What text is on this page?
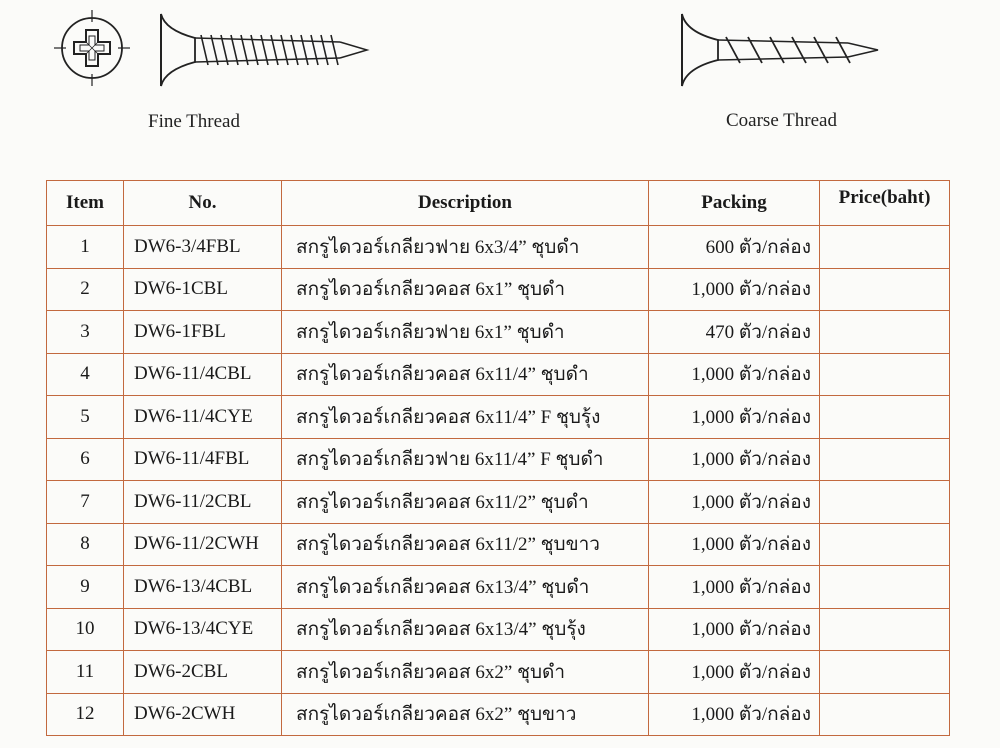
Fine Thread	Coarse Thread
Item	No.	Description	Packing	Price(baht)
1	DW6-3/4FBL	สกรูไดวอร์เกลียวฟาย 6x3/4” ชุบดำ	600 ตัว/กล่อง	
2	DW6-1CBL	สกรูไดวอร์เกลียวคอส 6x1” ชุบดำ	1,000 ตัว/กล่อง	
3	DW6-1FBL	สกรูไดวอร์เกลียวฟาย 6x1” ชุบดำ	470 ตัว/กล่อง	
4	DW6-11/4CBL	สกรูไดวอร์เกลียวคอส 6x11/4” ชุบดำ	1,000 ตัว/กล่อง	
5	DW6-11/4CYE	สกรูไดวอร์เกลียวคอส 6x11/4” F ชุบรุ้ง	1,000 ตัว/กล่อง	
6	DW6-11/4FBL	สกรูไดวอร์เกลียวฟาย 6x11/4” F ชุบดำ	1,000 ตัว/กล่อง	
7	DW6-11/2CBL	สกรูไดวอร์เกลียวคอส 6x11/2” ชุบดำ	1,000 ตัว/กล่อง	
8	DW6-11/2CWH	สกรูไดวอร์เกลียวคอส 6x11/2” ชุบขาว	1,000 ตัว/กล่อง	
9	DW6-13/4CBL	สกรูไดวอร์เกลียวคอส 6x13/4” ชุบดำ	1,000 ตัว/กล่อง	
10	DW6-13/4CYE	สกรูไดวอร์เกลียวคอส 6x13/4” ชุบรุ้ง	1,000 ตัว/กล่อง	
11	DW6-2CBL	สกรูไดวอร์เกลียวคอส 6x2” ชุบดำ	1,000 ตัว/กล่อง	
12	DW6-2CWH	สกรูไดวอร์เกลียวคอส 6x2” ชุบขาว	1,000 ตัว/กล่อง	
